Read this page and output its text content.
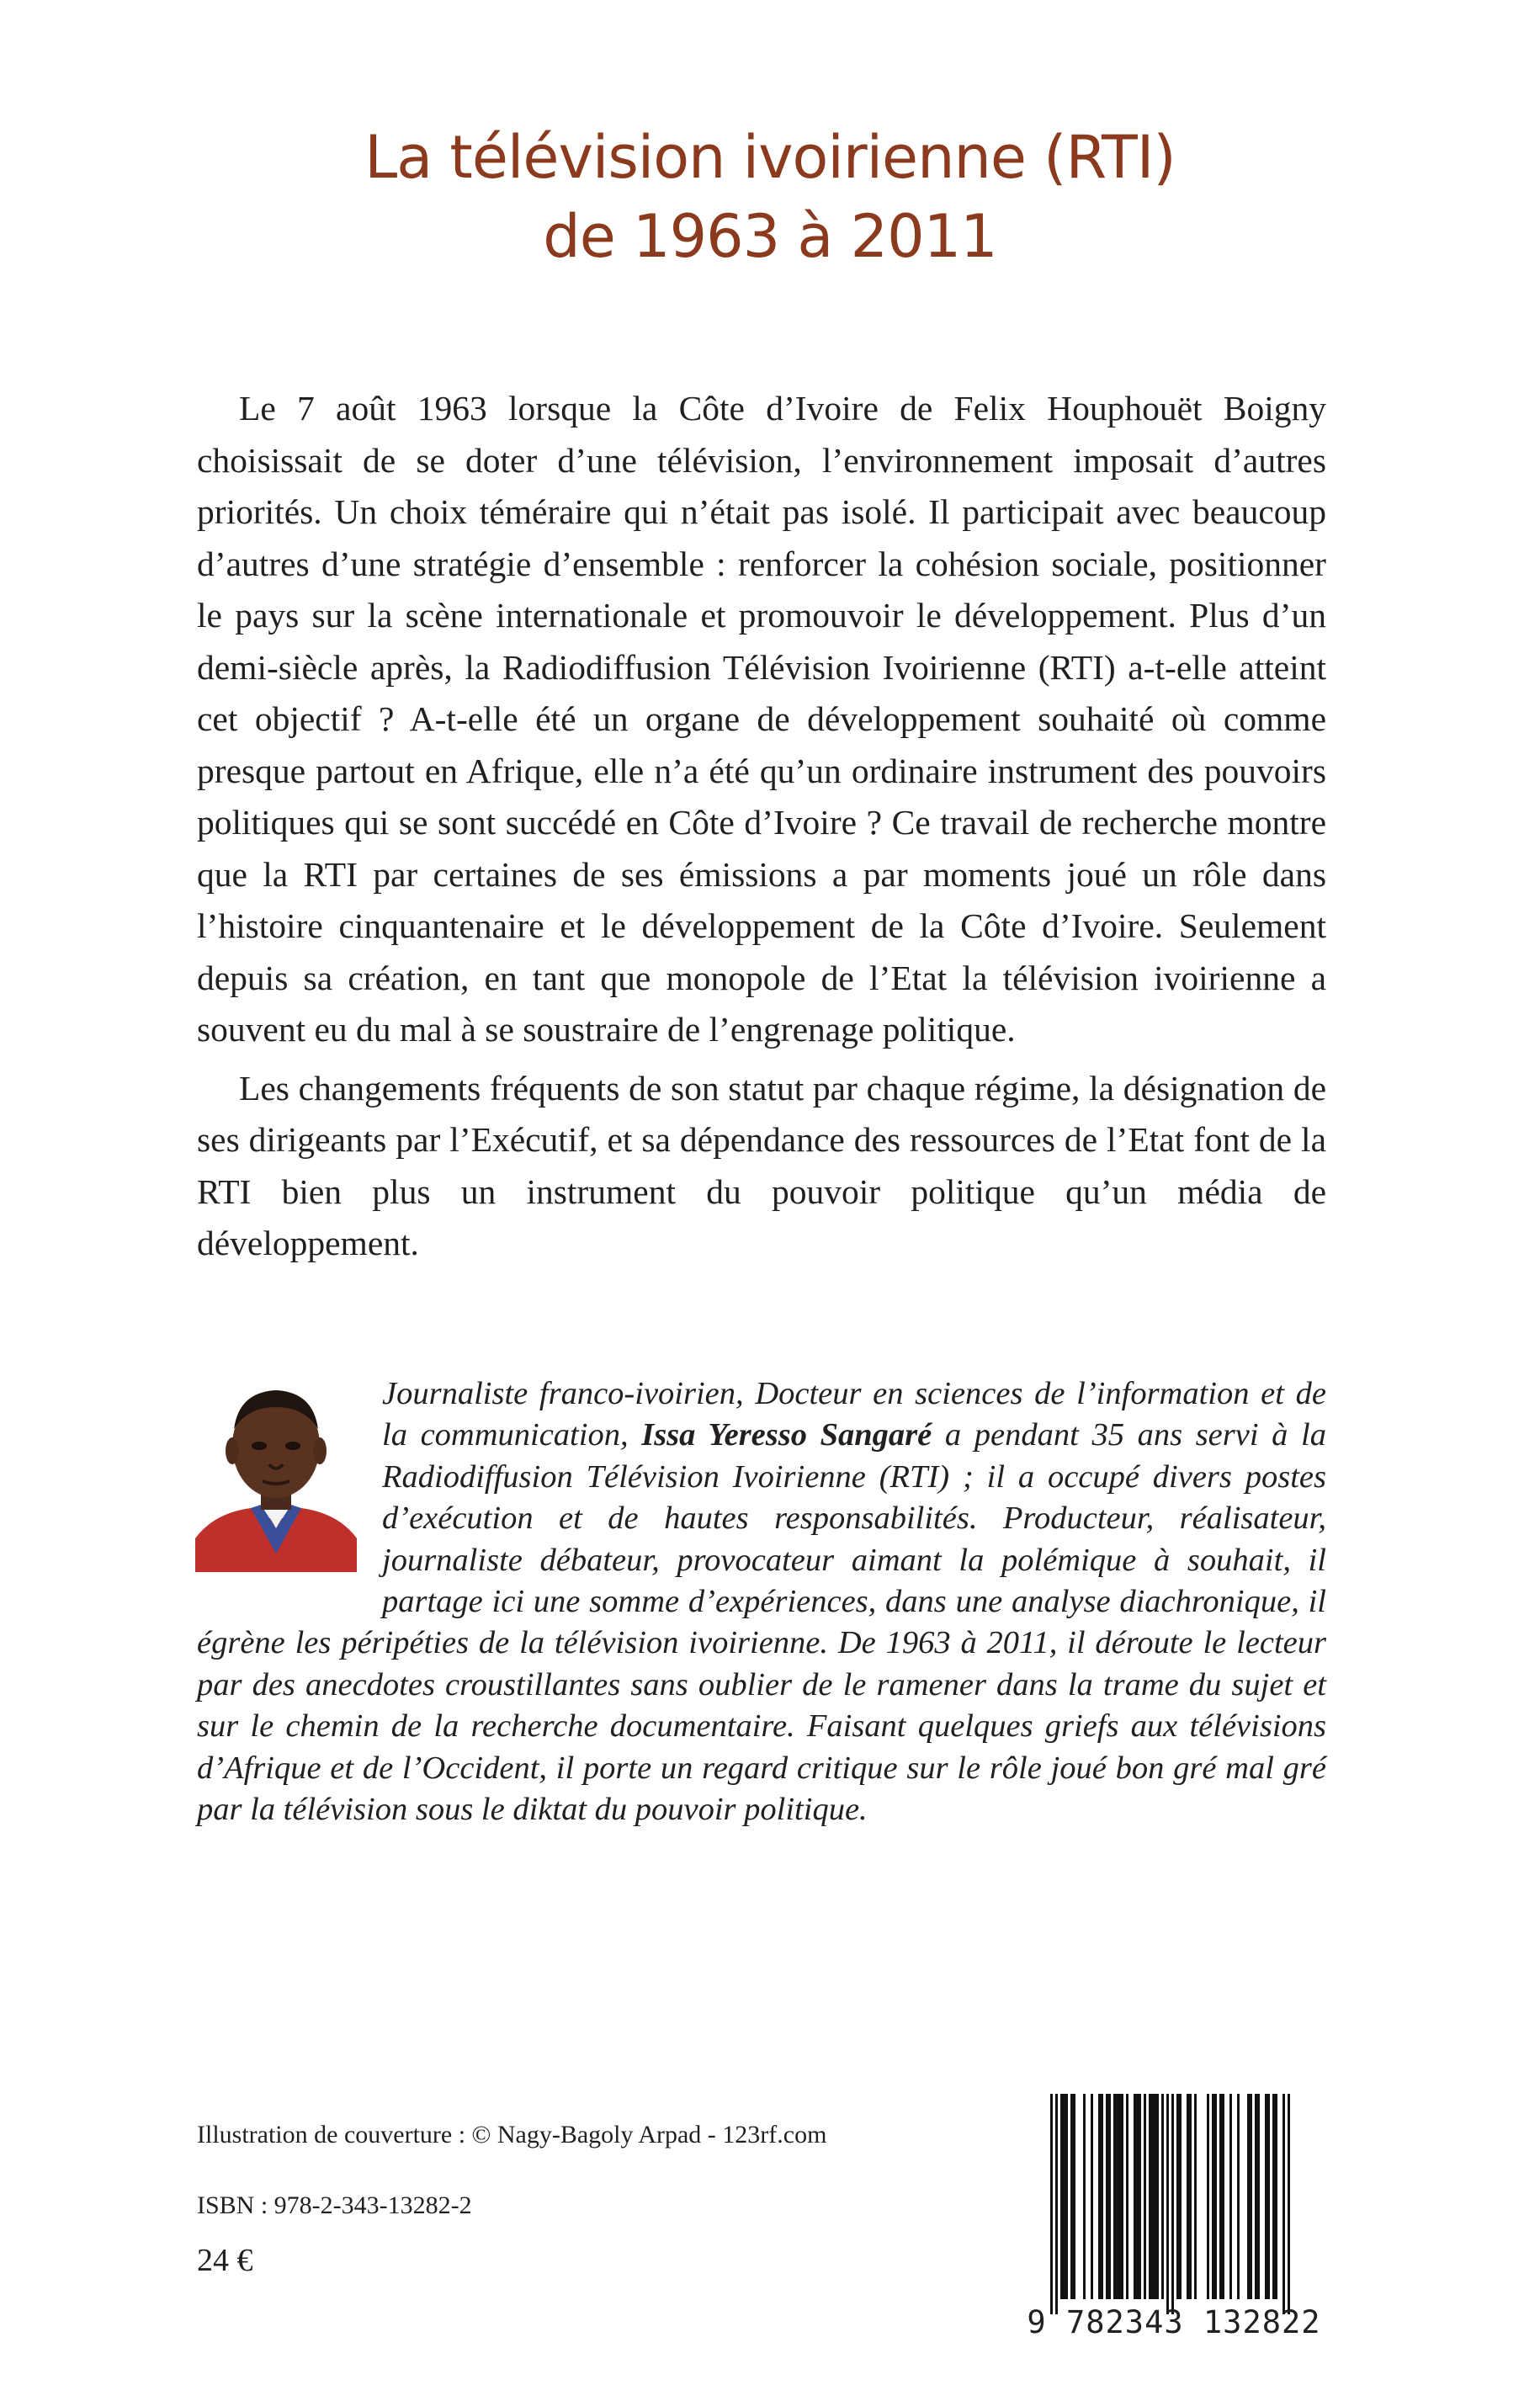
La télévision ivoirienne (RTI)
de 1963 à 2011

Le 7 août 1963 lorsque la Côte d’Ivoire de Felix Houphouët Boigny choisissait de se doter d’une télévision, l’environnement imposait d’autres priorités. Un choix téméraire qui n’était pas isolé. Il participait avec beaucoup d’autres d’une stratégie d’ensemble : renforcer la cohésion sociale, positionner le pays sur la scène internationale et promouvoir le développement. Plus d’un demi-siècle après, la Radiodiffusion Télévision Ivoirienne (RTI) a-t-elle atteint cet objectif ? A-t-elle été un organe de développement souhaité où comme presque partout en Afrique, elle n’a été qu’un ordinaire instrument des pouvoirs politiques qui se sont succédé en Côte d’Ivoire ? Ce travail de recherche montre que la RTI par certaines de ses émissions a par moments joué un rôle dans l’histoire cinquantenaire et le développement de la Côte d’Ivoire. Seulement depuis sa création, en tant que monopole de l’Etat la télévision ivoirienne a souvent eu du mal à se soustraire de l’engrenage politique.

Les changements fréquents de son statut par chaque régime, la désignation de ses dirigeants par l’Exécutif, et sa dépendance des ressources de l’Etat font de la RTI bien plus un instrument du pouvoir politique qu’un média de développement.

Journaliste franco-ivoirien, Docteur en sciences de l’information et de la communication, Issa Yeresso Sangaré a pendant 35 ans servi à la Radiodiffusion Télévision Ivoirienne (RTI) ; il a occupé divers postes d’exécution et de hautes responsabilités. Producteur, réalisateur, journaliste débateur, provocateur aimant la polémique à souhait, il partage ici une somme d’expériences, dans une analyse diachronique, il égrène les péripéties de la télévision ivoirienne. De 1963 à 2011, il déroute le lecteur par des anecdotes croustillantes sans oublier de le ramener dans la trame du sujet et sur le chemin de la recherche documentaire. Faisant quelques griefs aux télévisions d’Afrique et de l’Occident, il porte un regard critique sur le rôle joué bon gré mal gré par la télévision sous le diktat du pouvoir politique.
Illustration de couverture : © Nagy-Bagoly Arpad - 123rf.com
ISBN : 978-2-343-13282-2
24 €
9 782343 132822
